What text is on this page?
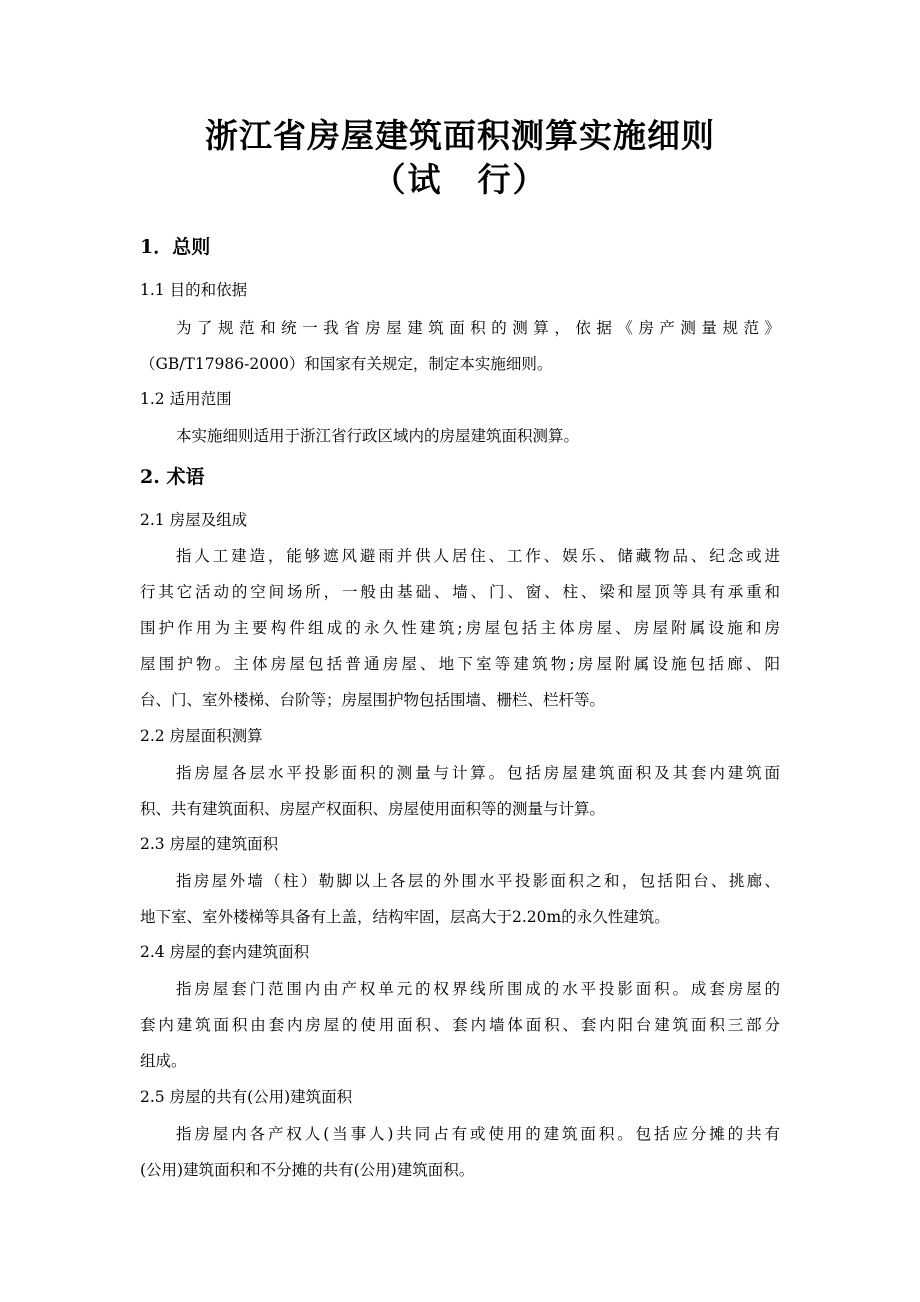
浙江省房屋建筑面积测算实施细则
（试　行）
1．总则
1.1 目的和依据
为了规范和统一我省房屋建筑面积的测算，依据《房产测量规范》
（GB/T17986-2000）和国家有关规定，制定本实施细则。
1.2 适用范围
本实施细则适用于浙江省行政区域内的房屋建筑面积测算。
2. 术语
2.1 房屋及组成
指人工建造，能够遮风避雨并供人居住、工作、娱乐、储藏物品、纪念或进
行其它活动的空间场所，一般由基础、墙、门、窗、柱、梁和屋顶等具有承重和
围护作用为主要构件组成的永久性建筑;房屋包括主体房屋、房屋附属设施和房
屋围护物。主体房屋包括普通房屋、地下室等建筑物;房屋附属设施包括廊、阳
台、门、室外楼梯、台阶等；房屋围护物包括围墙、栅栏、栏杆等。
2.2 房屋面积测算
指房屋各层水平投影面积的测量与计算。包括房屋建筑面积及其套内建筑面
积、共有建筑面积、房屋产权面积、房屋使用面积等的测量与计算。
2.3 房屋的建筑面积
指房屋外墙（柱）勒脚以上各层的外围水平投影面积之和，包括阳台、挑廊、
地下室、室外楼梯等具备有上盖，结构牢固，层高大于2.20m的永久性建筑。
2.4 房屋的套内建筑面积
指房屋套门范围内由产权单元的权界线所围成的水平投影面积。成套房屋的
套内建筑面积由套内房屋的使用面积、套内墙体面积、套内阳台建筑面积三部分
组成。
2.5 房屋的共有(公用)建筑面积
指房屋内各产权人(当事人)共同占有或使用的建筑面积。包括应分摊的共有
(公用)建筑面积和不分摊的共有(公用)建筑面积。
